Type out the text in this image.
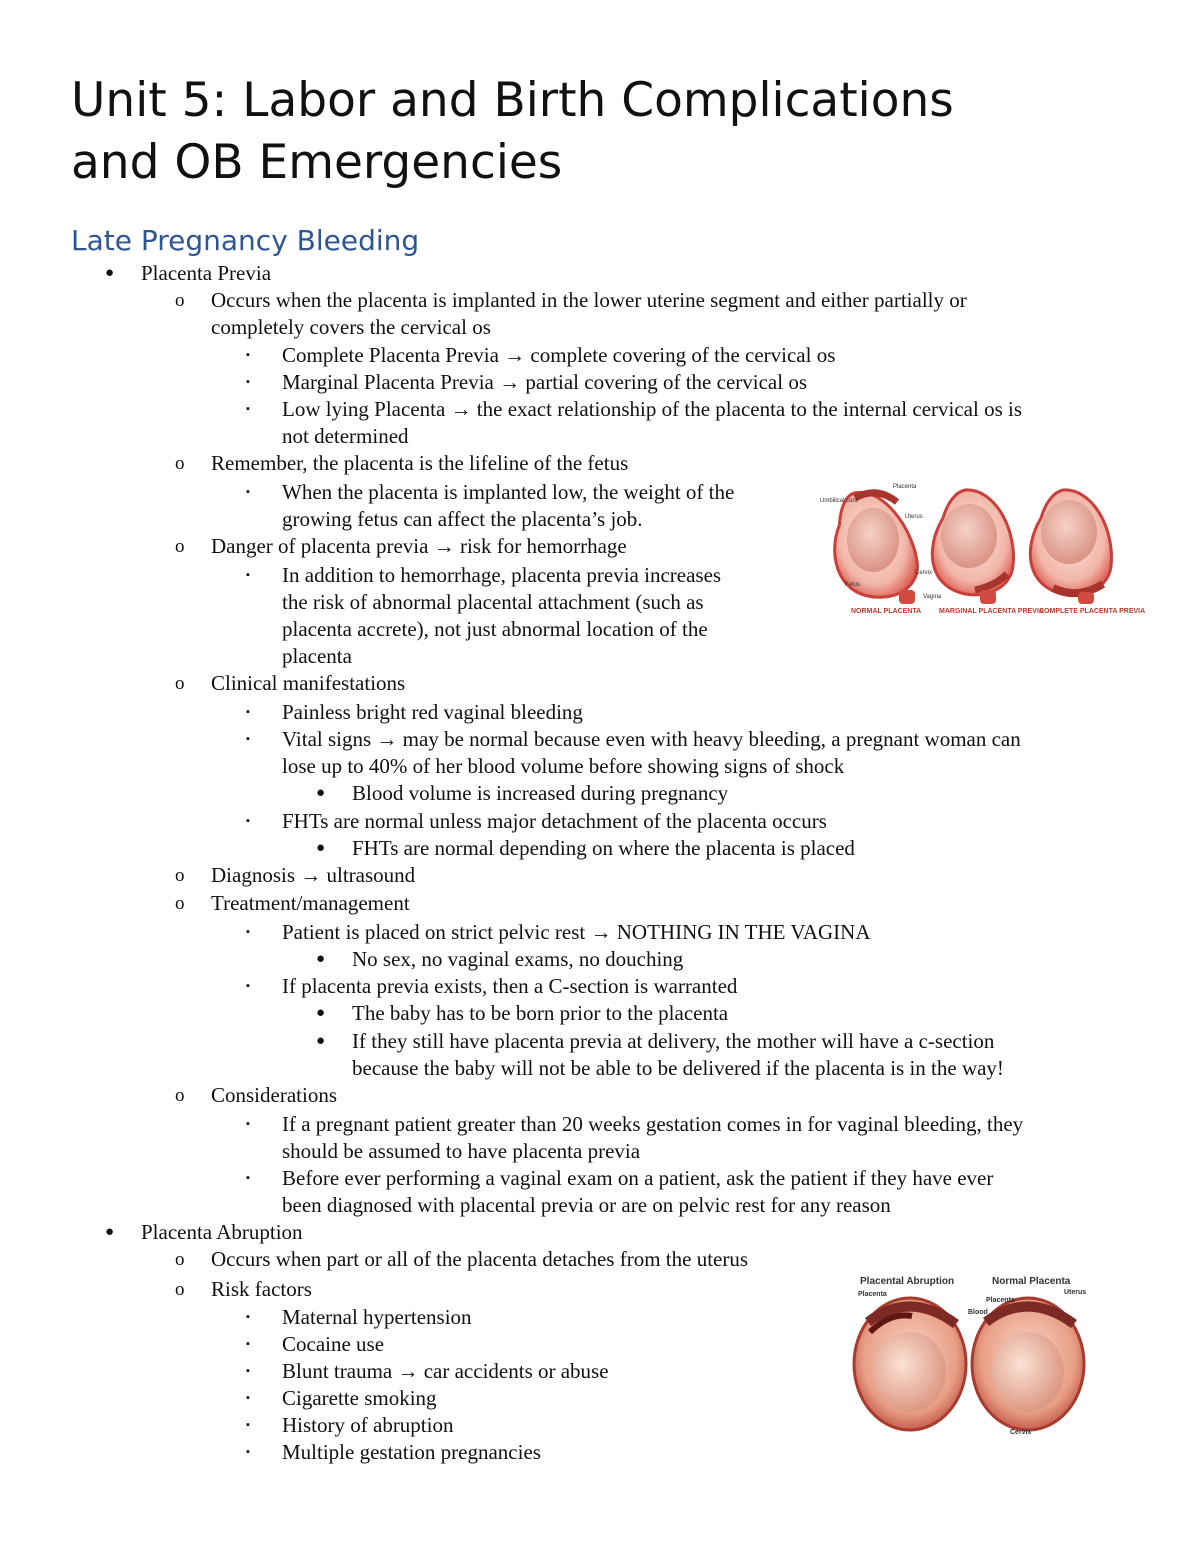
Unit 5: Labor and Birth Complications
and OB Emergencies
Late Pregnancy Bleeding
● Placenta Previa
o Occurs when the placenta is implanted in the lower uterine segment and either partially or
completely covers the cervical os
▪ Complete Placenta Previa → complete covering of the cervical os
▪ Marginal Placenta Previa → partial covering of the cervical os
▪ Low lying Placenta → the exact relationship of the placenta to the internal cervical os is
not determined
o Remember, the placenta is the lifeline of the fetus
▪ When the placenta is implanted low, the weight of the
growing fetus can affect the placenta’s job.
o Danger of placenta previa → risk for hemorrhage
▪ In addition to hemorrhage, placenta previa increases
the risk of abnormal placental attachment (such as
placenta accrete), not just abnormal location of the
placenta
o Clinical manifestations
▪ Painless bright red vaginal bleeding
▪ Vital signs → may be normal because even with heavy bleeding, a pregnant woman can
lose up to 40% of her blood volume before showing signs of shock
● Blood volume is increased during pregnancy
▪ FHTs are normal unless major detachment of the placenta occurs
● FHTs are normal depending on where the placenta is placed
o Diagnosis → ultrasound
o Treatment/management
▪ Patient is placed on strict pelvic rest → NOTHING IN THE VAGINA
● No sex, no vaginal exams, no douching
▪ If placenta previa exists, then a C-section is warranted
● The baby has to be born prior to the placenta
● If they still have placenta previa at delivery, the mother will have a c-section
because the baby will not be able to be delivered if the placenta is in the way!
o Considerations
▪ If a pregnant patient greater than 20 weeks gestation comes in for vaginal bleeding, they
should be assumed to have placenta previa
▪ Before ever performing a vaginal exam on a patient, ask the patient if they have ever
been diagnosed with placental previa or are on pelvic rest for any reason
● Placenta Abruption
o Occurs when part or all of the placenta detaches from the uterus
o Risk factors
▪ Maternal hypertension
▪ Cocaine use
▪ Blunt trauma → car accidents or abuse
▪ Cigarette smoking
▪ History of abruption
▪ Multiple gestation pregnancies
Umbilical cord
Placenta
Uterus
Fetus
Cervix
Vagina
NORMAL PLACENTA	MARGINAL PLACENTA PREVIA
COMPLETE PLACENTA PREVIA
Placental Abruption	Normal Placenta
Placenta
Placenta
Blood
Uterus
Cervix
